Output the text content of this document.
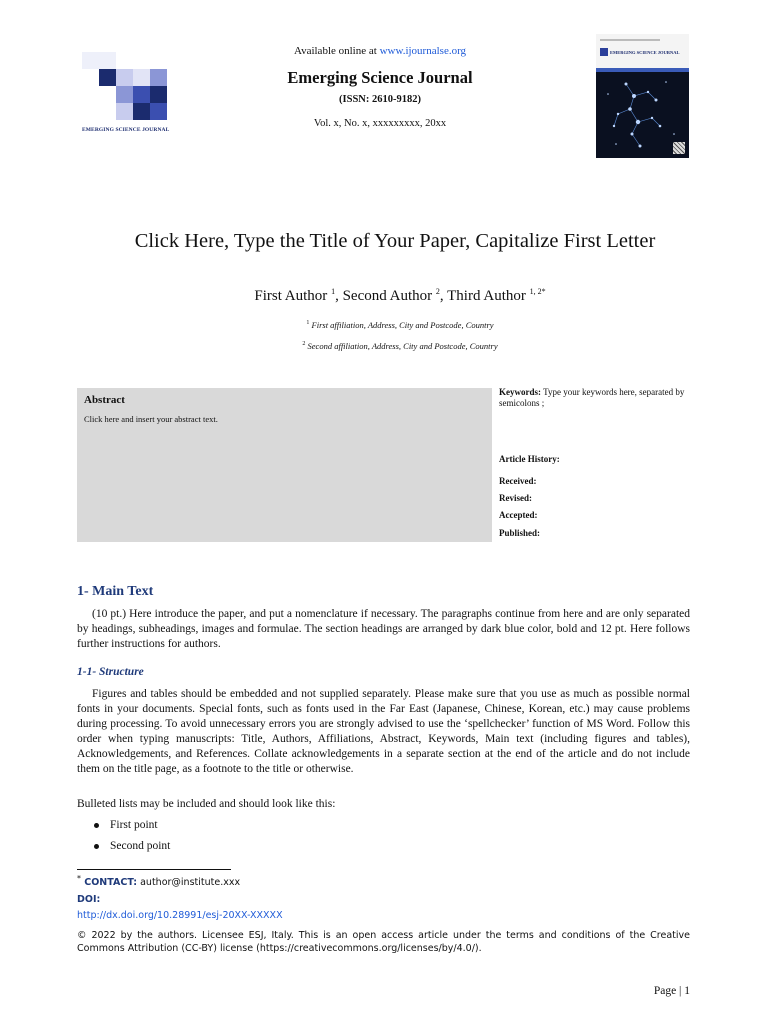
EMERGING SCIENCE JOURNAL
Available online at www.ijournalse.org
Emerging Science Journal
(ISSN: 2610-9182)
Vol. x, No. x, xxxxxxxxx, 20xx
EMERGING SCIENCE JOURNAL
Click Here, Type the Title of Your Paper, Capitalize First Letter
First Author $^1$, Second Author $^2$, Third Author $^{1, 2*}$
$^1$ First affiliation, Address, City and Postcode, Country
$^2$ Second affiliation, Address, City and Postcode, Country
Abstract
Click here and insert your abstract text.
Keywords: Type your keywords here, separated by semicolons ;
Article History:
Received:
Revised:
Accepted:
Published:
1- Main Text
(10 pt.) Here introduce the paper, and put a nomenclature if necessary. The paragraphs continue from here and are only separated by headings, subheadings, images and formulae. The section headings are arranged by dark blue color, bold and 12 pt. Here follows further instructions for authors.
1-1- Structure
Figures and tables should be embedded and not supplied separately. Please make sure that you use as much as possible normal fonts in your documents. Special fonts, such as fonts used in the Far East (Japanese, Chinese, Korean, etc.) may cause problems during processing. To avoid unnecessary errors you are strongly advised to use the ‘spellchecker’ function of MS Word. Follow this order when typing manuscripts: Title, Authors, Affiliations, Abstract, Keywords, Main text (including figures and tables), Acknowledgements, and References. Collate acknowledgements in a separate section at the end of the article and do not include them on the title page, as a footnote to the title or otherwise.
Bulleted lists may be included and should look like this:
First point
Second point
* CONTACT: author@institute.xxx
DOI:
http://dx.doi.org/10.28991/esj-20XX-XXXXX
© 2022 by the authors. Licensee ESJ, Italy. This is an open access article under the terms and conditions of the Creative Commons Attribution (CC-BY) license (https://creativecommons.org/licenses/by/4.0/).
Page | 1
